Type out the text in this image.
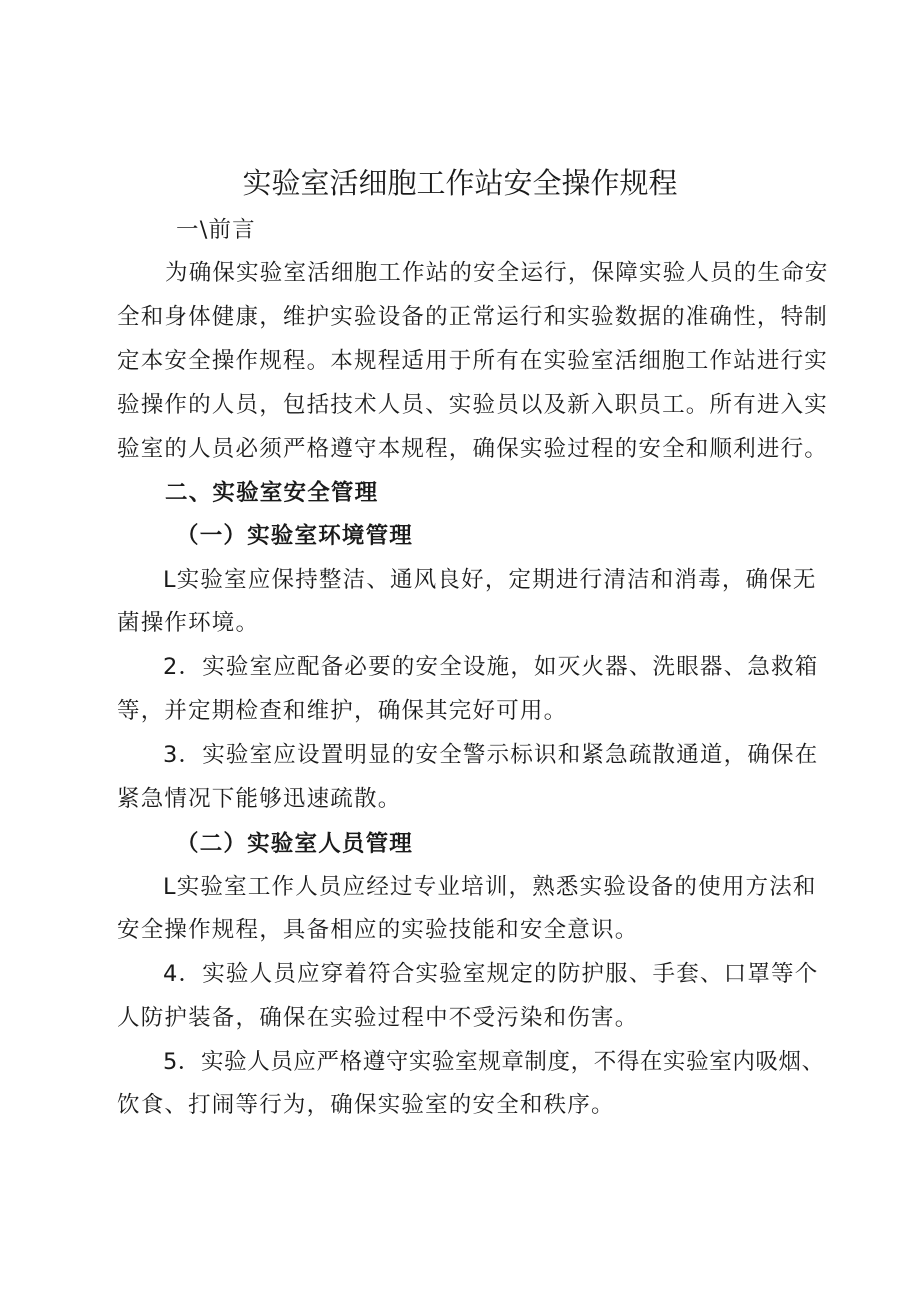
实验室活细胞工作站安全操作规程

一\前言

为确保实验室活细胞工作站的安全运行，保障实验人员的生命安

全和身体健康，维护实验设备的正常运行和实验数据的准确性，特制

定本安全操作规程。本规程适用于所有在实验室活细胞工作站进行实

验操作的人员，包括技术人员、实验员以及新入职员工。所有进入实

验室的人员必须严格遵守本规程，确保实验过程的安全和顺利进行。

二、实验室安全管理

（一）实验室环境管理

L实验室应保持整洁、通风良好，定期进行清洁和消毒，确保无

菌操作环境。

2．实验室应配备必要的安全设施，如灭火器、洗眼器、急救箱

等，并定期检查和维护，确保其完好可用。

3．实验室应设置明显的安全警示标识和紧急疏散通道，确保在

紧急情况下能够迅速疏散。

（二）实验室人员管理

L实验室工作人员应经过专业培训，熟悉实验设备的使用方法和

安全操作规程，具备相应的实验技能和安全意识。

4．实验人员应穿着符合实验室规定的防护服、手套、口罩等个

人防护装备，确保在实验过程中不受污染和伤害。

5．实验人员应严格遵守实验室规章制度，不得在实验室内吸烟、

饮食、打闹等行为，确保实验室的安全和秩序。
